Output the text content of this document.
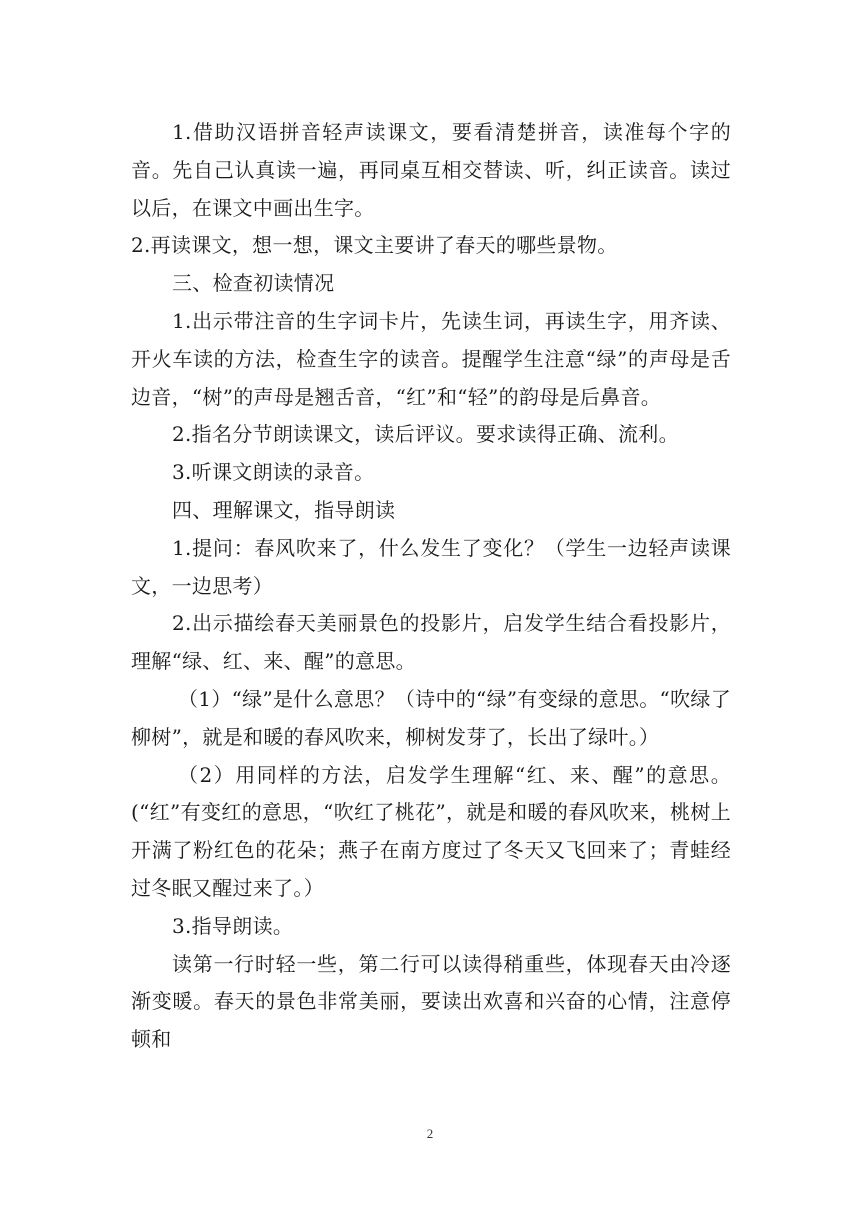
1.借助汉语拼音轻声读课文，要看清楚拼音，读准每个字的音。先自己认真读一遍，再同桌互相交替读、听，纠正读音。读过以后，在课文中画出生字。

2.再读课文，想一想，课文主要讲了春天的哪些景物。

三、检查初读情况

1.出示带注音的生字词卡片，先读生词，再读生字，用齐读、开火车读的方法，检查生字的读音。提醒学生注意“绿”的声母是舌边音，“树”的声母是翘舌音，“红”和“轻”的韵母是后鼻音。

2.指名分节朗读课文，读后评议。要求读得正确、流利。

3.听课文朗读的录音。

四、理解课文，指导朗读

1.提问：春风吹来了，什么发生了变化？（学生一边轻声读课文，一边思考）

2.出示描绘春天美丽景色的投影片，启发学生结合看投影片，理解“绿、红、来、醒”的意思。

（1）“绿”是什么意思？（诗中的“绿”有变绿的意思。“吹绿了柳树”，就是和暖的春风吹来，柳树发芽了，长出了绿叶。）

（2）用同样的方法，启发学生理解“红、来、醒”的意思。(“红”有变红的意思，“吹红了桃花”，就是和暖的春风吹来，桃树上开满了粉红色的花朵；燕子在南方度过了冬天又飞回来了；青蛙经过冬眠又醒过来了。）

3.指导朗读。

读第一行时轻一些，第二行可以读得稍重些，体现春天由冷逐渐变暖。春天的景色非常美丽，要读出欢喜和兴奋的心情，注意停顿和

2
